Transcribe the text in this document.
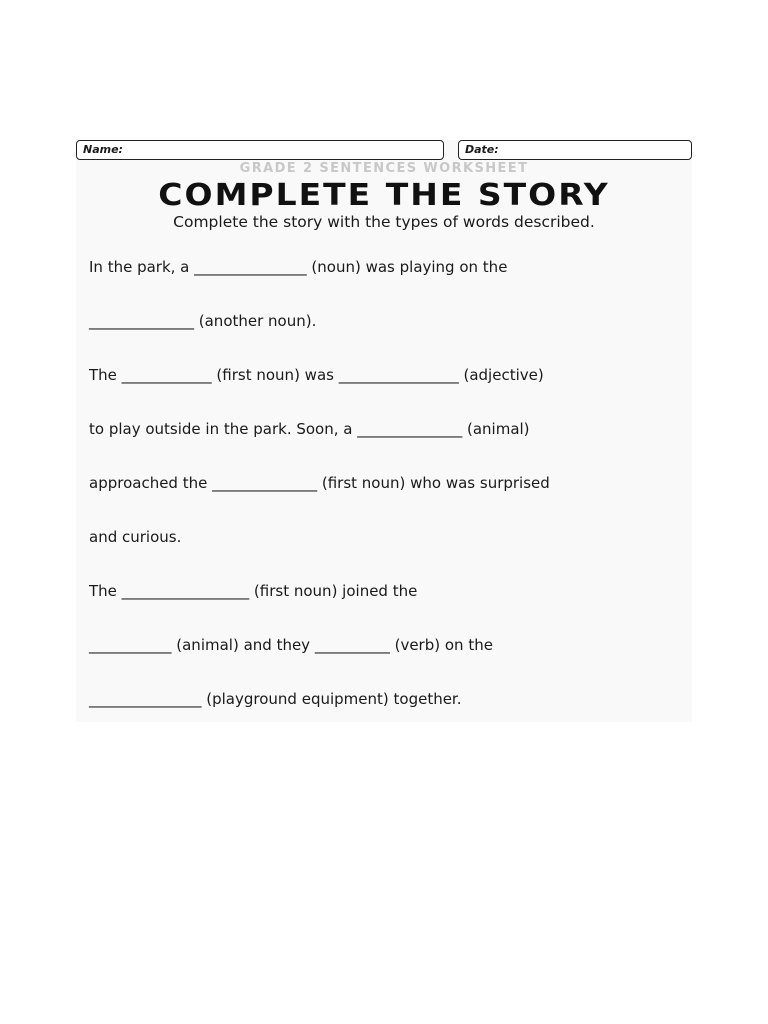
Name:	Date:
GRADE 2 SENTENCES WORKSHEET
COMPLETE THE STORY
Complete the story with the types of words described.
In the park, a _______________ (noun) was playing on the
______________ (another noun).
The ____________ (first noun) was ________________ (adjective)
to play outside in the park. Soon, a ______________ (animal)
approached the ______________ (first noun) who was surprised
and curious.
The _________________ (first noun) joined the
___________ (animal) and they __________ (verb) on the
_______________ (playground equipment) together.
